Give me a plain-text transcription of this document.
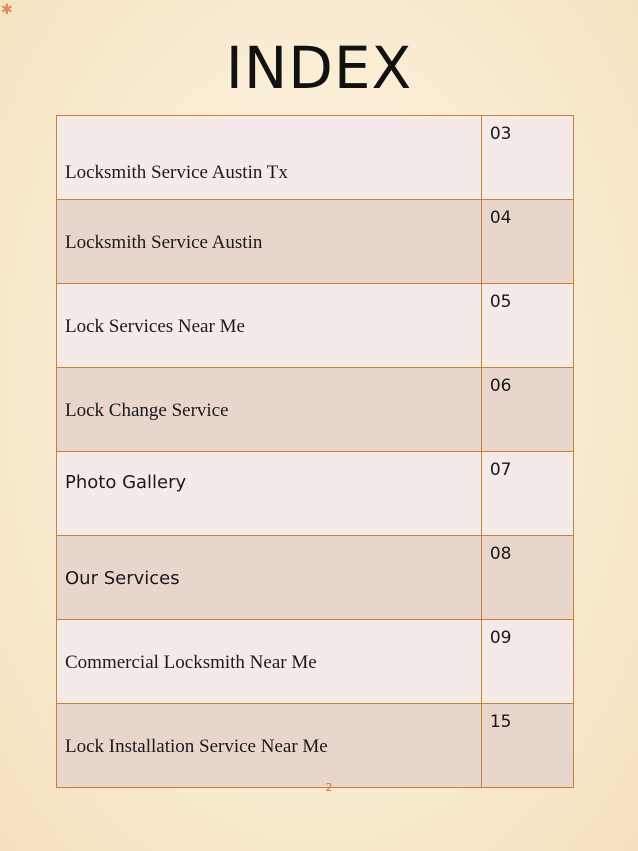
✱
INDEX
Locksmith Service Austin Tx	03

Locksmith Service Austin	04

Lock Services Near Me	05

Lock Change Service	06

Photo Gallery	07

Our Services	08

Commercial Locksmith Near Me	09

Lock Installation Service Near Me	15
2
